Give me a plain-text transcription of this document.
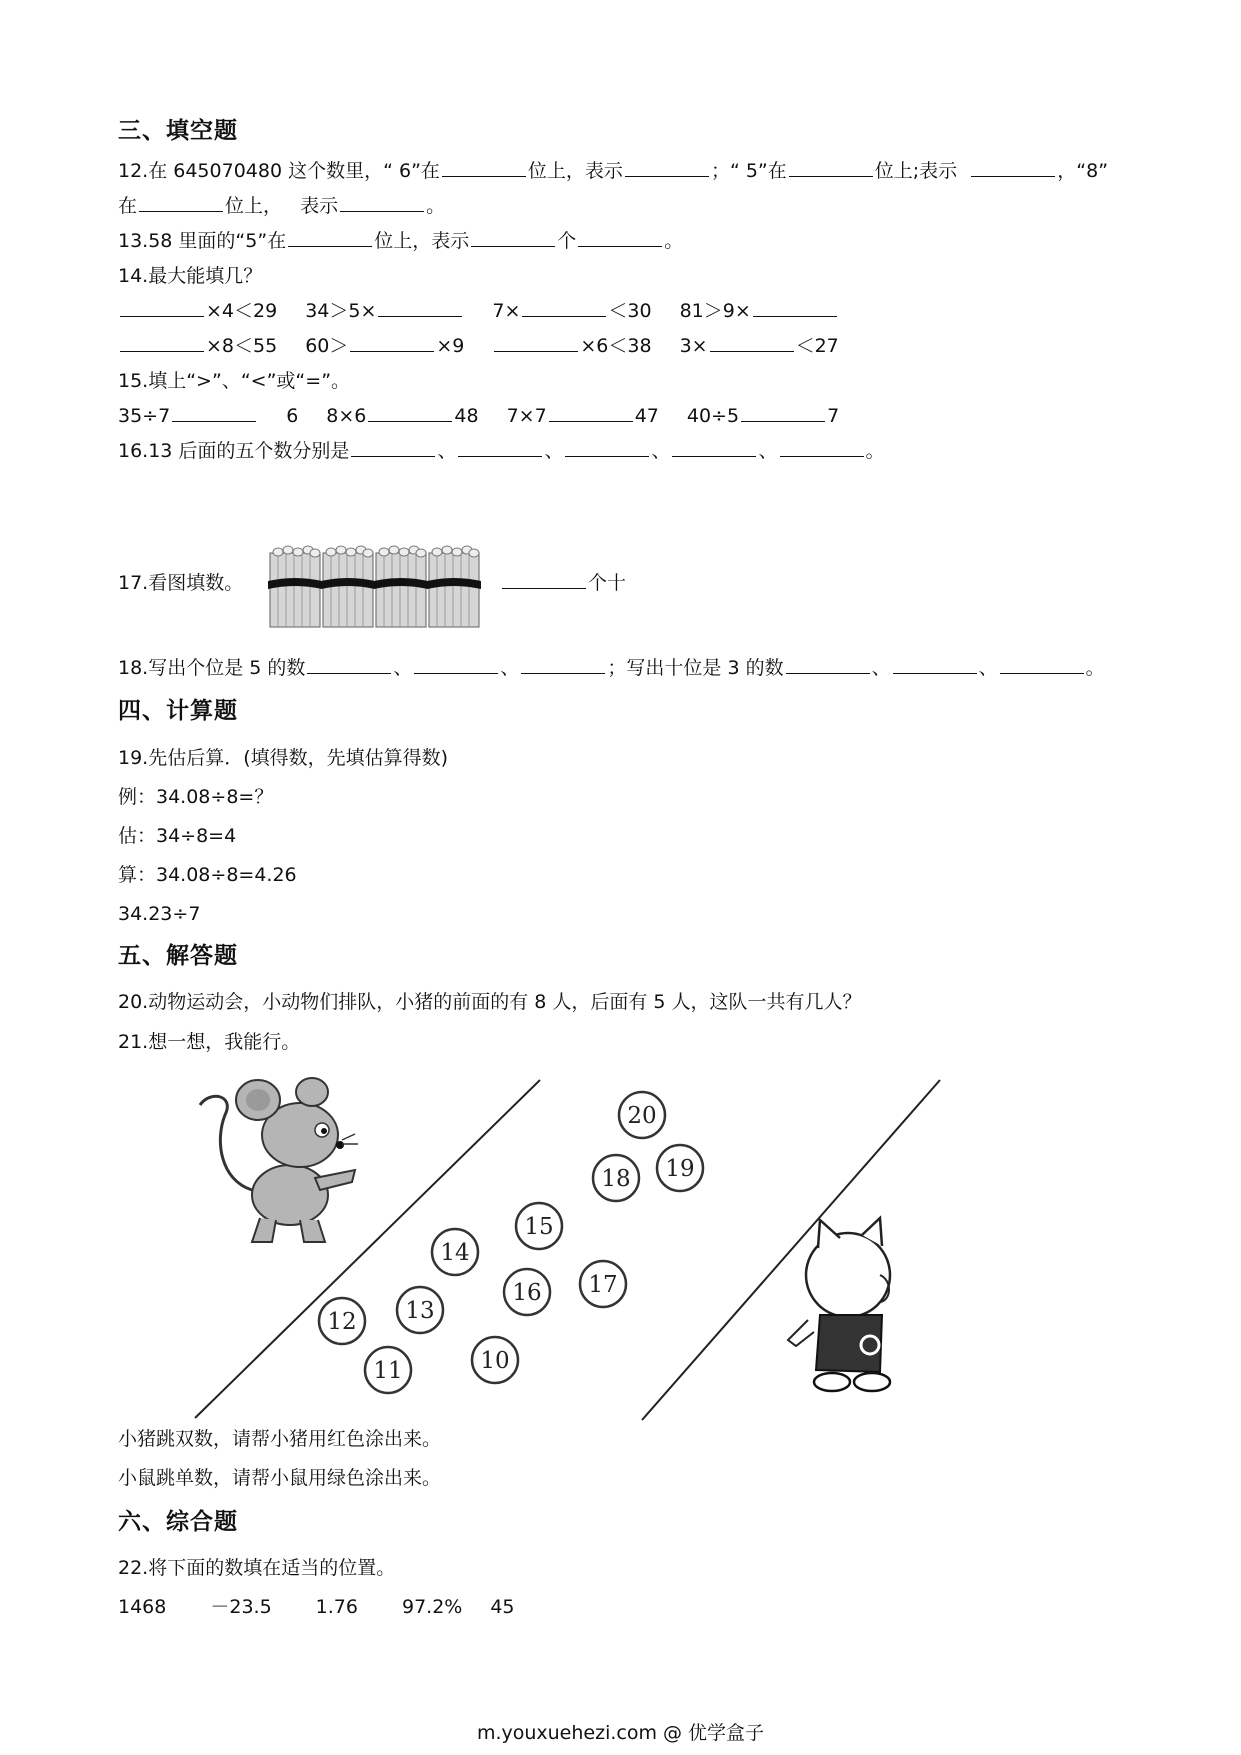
三、填空题
12.在 645070480 这个数里，“ 6”在	位上，表示	；“ 5”在	位上;表示	，“8”
在	位上， 表示	。
13.58 里面的“5”在	位上，表示	个	。
14.最大能填几？
×4＜29 34＞5×	7×	＜30 81＞9×
×8＜55 60＞	×9	×6＜38 3×	＜27
15.填上“>”、“<”或“=”。
35÷7	6 8×6	48 7×7	47 40÷5	7
16.13 后面的五个数分别是	、	、	、	、	。
17.看图填数。	个十
18.写出个位是 5 的数	、	、	；写出十位是 3 的数	、	、	。
四、计算题
19.先估后算．(填得数，先填估算得数)
例：34.08÷8=？
估：34÷8=4
算：34.08÷8=4.26
34.23÷7
五、解答题
20.动物运动会，小动物们排队，小猪的前面的有 8 人，后面有 5 人，这队一共有几人？
21.想一想，我能行。
20
19
18
15
14
16 17
12 13
11	10
小猪跳双数，请帮小猪用红色涂出来。
小鼠跳单数，请帮小鼠用绿色涂出来。
六、综合题
22.将下面的数填在适当的位置。
1468 －23.5 1.76 97.2% 45
m.youxuehezi.com @ 优学盒子
